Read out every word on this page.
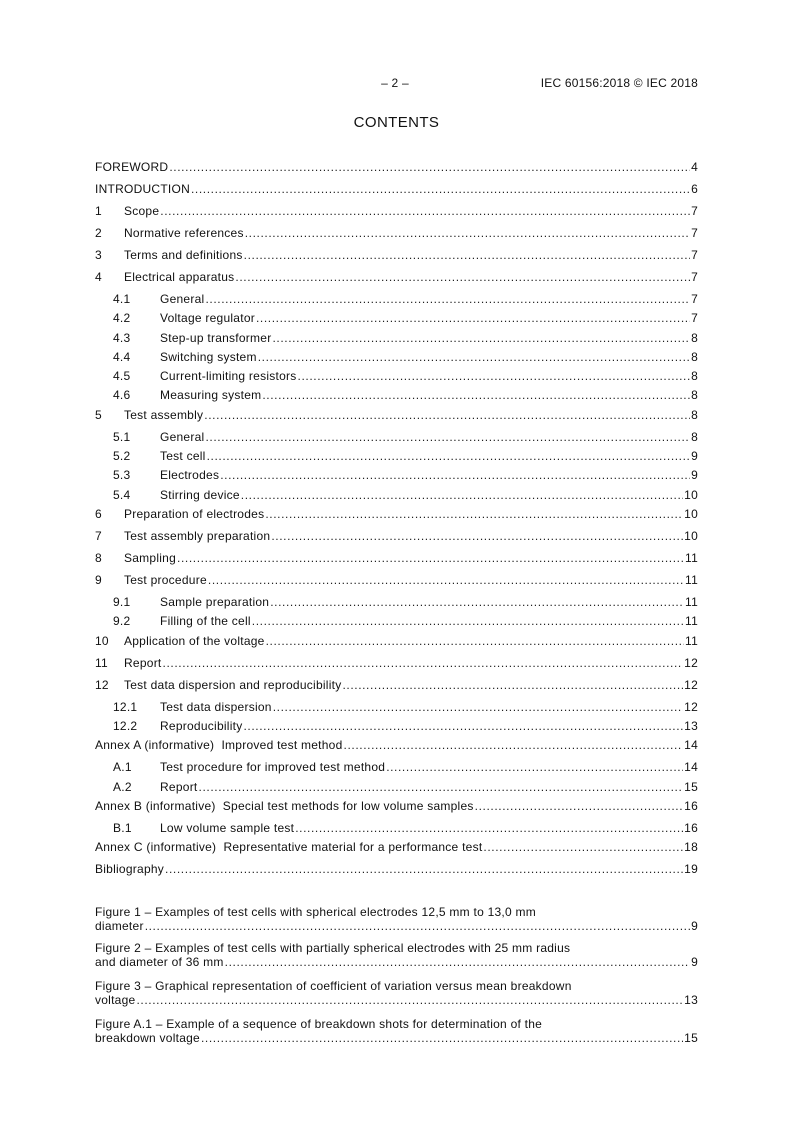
– 2 –	IEC 60156:2018 © IEC 2018
CONTENTS
FOREWORD .....	4
INTRODUCTION .....	6
1	Scope .....	7
2	Normative references .....	7
3	Terms and definitions .....	7
4	Electrical apparatus .....	7
4.1	General .....	7
4.2	Voltage regulator .....	7
4.3	Step-up transformer .....	8
4.4	Switching system .....	8
4.5	Current-limiting resistors .....	8
4.6	Measuring system .....	8
5	Test assembly .....	8
5.1	General .....	8
5.2	Test cell .....	9
5.3	Electrodes .....	9
5.4	Stirring device .....	10
6	Preparation of electrodes .....	10
7	Test assembly preparation .....	10
8	Sampling .....	11
9	Test procedure .....	11
9.1	Sample preparation .....	11
9.2	Filling of the cell .....	11
10	Application of the voltage .....	11
11	Report .....	12
12	Test data dispersion and reproducibility .....	12
12.1	Test data dispersion .....	12
12.2	Reproducibility .....	13
Annex A (informative)  Improved test method .....	14
A.1	Test procedure for improved test method .....	14
A.2	Report .....	15
Annex B (informative)  Special test methods for low volume samples .....	16
B.1	Low volume sample test .....	16
Annex C (informative)  Representative material for a performance test .....	18
Bibliography .....	19
Figure 1 – Examples of test cells with spherical electrodes 12,5 mm to 13,0 mm
diameter .....	9
Figure 2 – Examples of test cells with partially spherical electrodes with 25 mm radius
and diameter of 36 mm .....	9
Figure 3 – Graphical representation of coefficient of variation versus mean breakdown
voltage .....	13
Figure A.1 – Example of a sequence of breakdown shots for determination of the
breakdown voltage .....	15
